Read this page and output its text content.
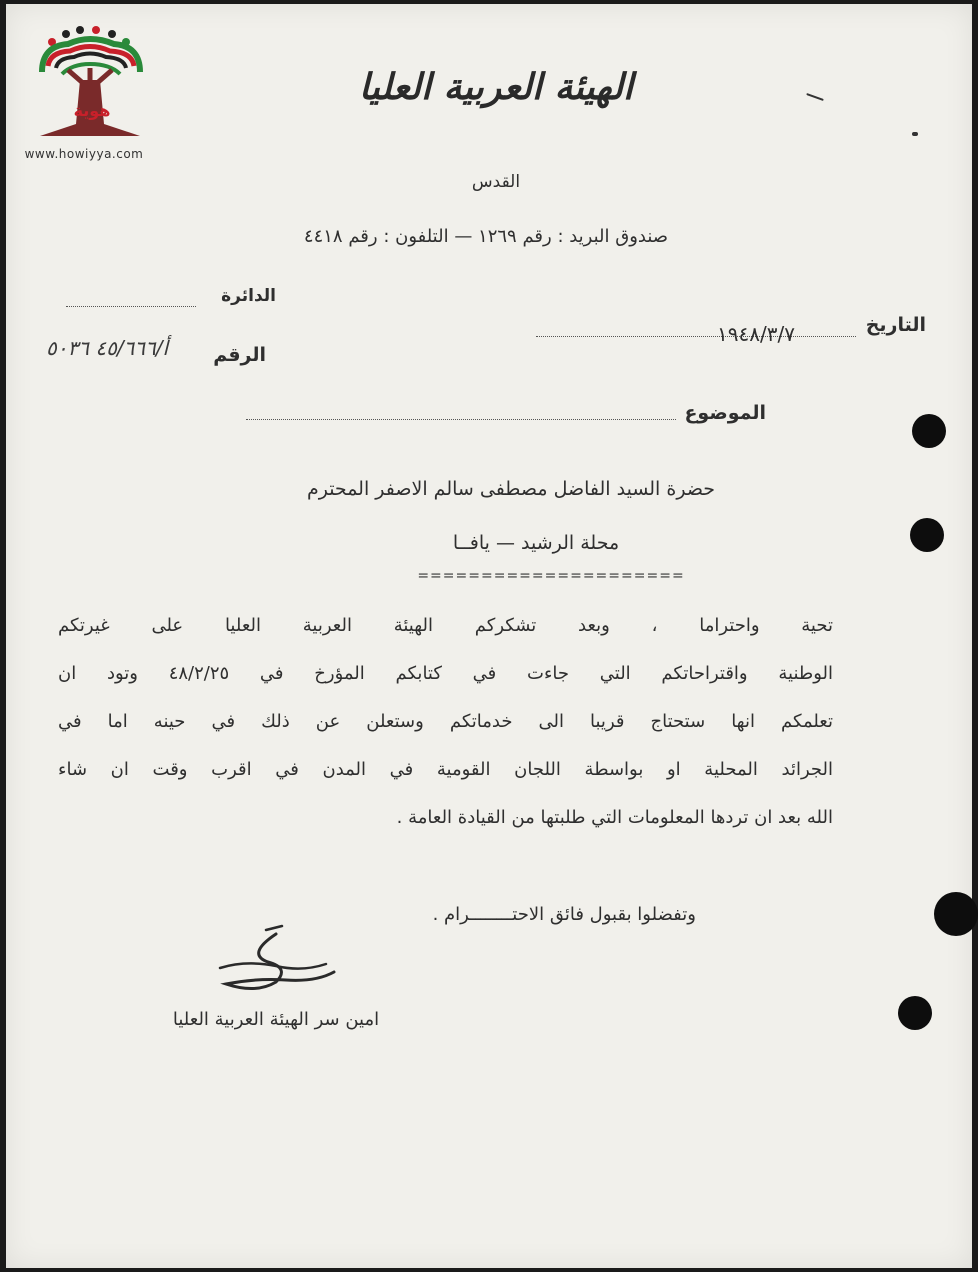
هوية
www.howiyya.com
الهيئة العربية العليا
القدس
صندوق البريد : رقم ١٢٦٩ — التلفون : رقم ٤٤١٨
الدائرة
الرقم
أ/٤٥/٦٦٦ ٥٠٣٦
التاريخ
١٩٤٨/٣/٧
الموضوع
حضرة السيد الفاضل مصطفى سالم الاصفر المحترم
محلة الرشيد — يافــا
=====================
تحية واحتراما ، وبعد تشكركم الهيئة العربية العليا على غيرتكم
الوطنية واقتراحاتكم التي جاءت في كتابكم المؤرخ في ٤٨/٢/٢٥ وتود ان
تعلمكم انها ستحتاج قريبا الى خدماتكم وستعلن عن ذلك في حينه اما في
الجرائد المحلية او بواسطة اللجان القومية في المدن في اقرب وقت ان شاء
الله بعد ان تردها المعلومات التي طلبتها من القيادة العامة .
وتفضلوا بقبول فائق الاحتــــــــرام .
امين سر الهيئة العربية العليا
